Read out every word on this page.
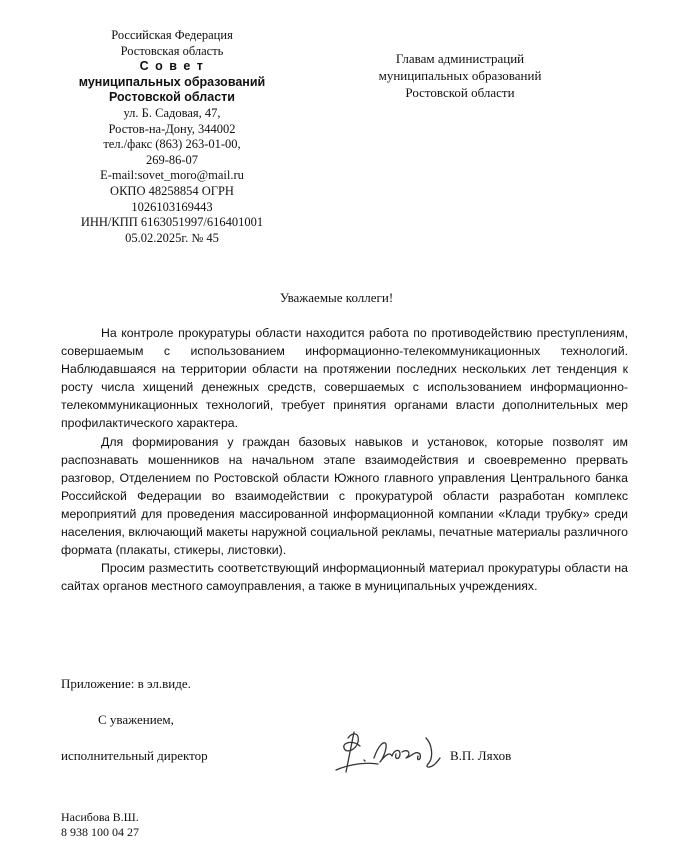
Российская Федерация
Ростовская область
С о в е т
муниципальных образований
Ростовской области
ул. Б. Садовая, 47,
Ростов-на-Дону, 344002
тел./факс (863) 263-01-00,
269-86-07
E-mail:sovet_moro@mail.ru
ОКПО 48258854 ОГРН
1026103169443
ИНН/КПП 6163051997/616401001
05.02.2025г. № 45
Главам администраций
муниципальных образований
Ростовской области
Уважаемые коллеги!

На контроле прокуратуры области находится работа по противодействию преступлениям, совершаемым с использованием информационно-телекоммуникационных технологий. Наблюдавшаяся на территории области на протяжении последних нескольких лет тенденция к росту числа хищений денежных средств, совершаемых с использованием информационно-телекоммуникационных технологий, требует принятия органами власти дополнительных мер профилактического характера.

Для формирования у граждан базовых навыков и установок, которые позволят им распознавать мошенников на начальном этапе взаимодействия и своевременно прервать разговор, Отделением по Ростовской области Южного главного управления Центрального банка Российской Федерации во взаимодействии с прокуратурой области разработан комплекс мероприятий для проведения массированной информационной компании «Клади трубку» среди населения, включающий макеты наружной социальной рекламы, печатные материалы различного формата (плакаты, стикеры, листовки).

Просим разместить соответствующий информационный материал прокуратуры области на сайтах органов местного самоуправления, а также в муниципальных учреждениях.

Приложение: в эл.виде.
С уважением,
исполнительный директор	В.П. Ляхов
Насибова В.Ш.
8 938 100 04 27
